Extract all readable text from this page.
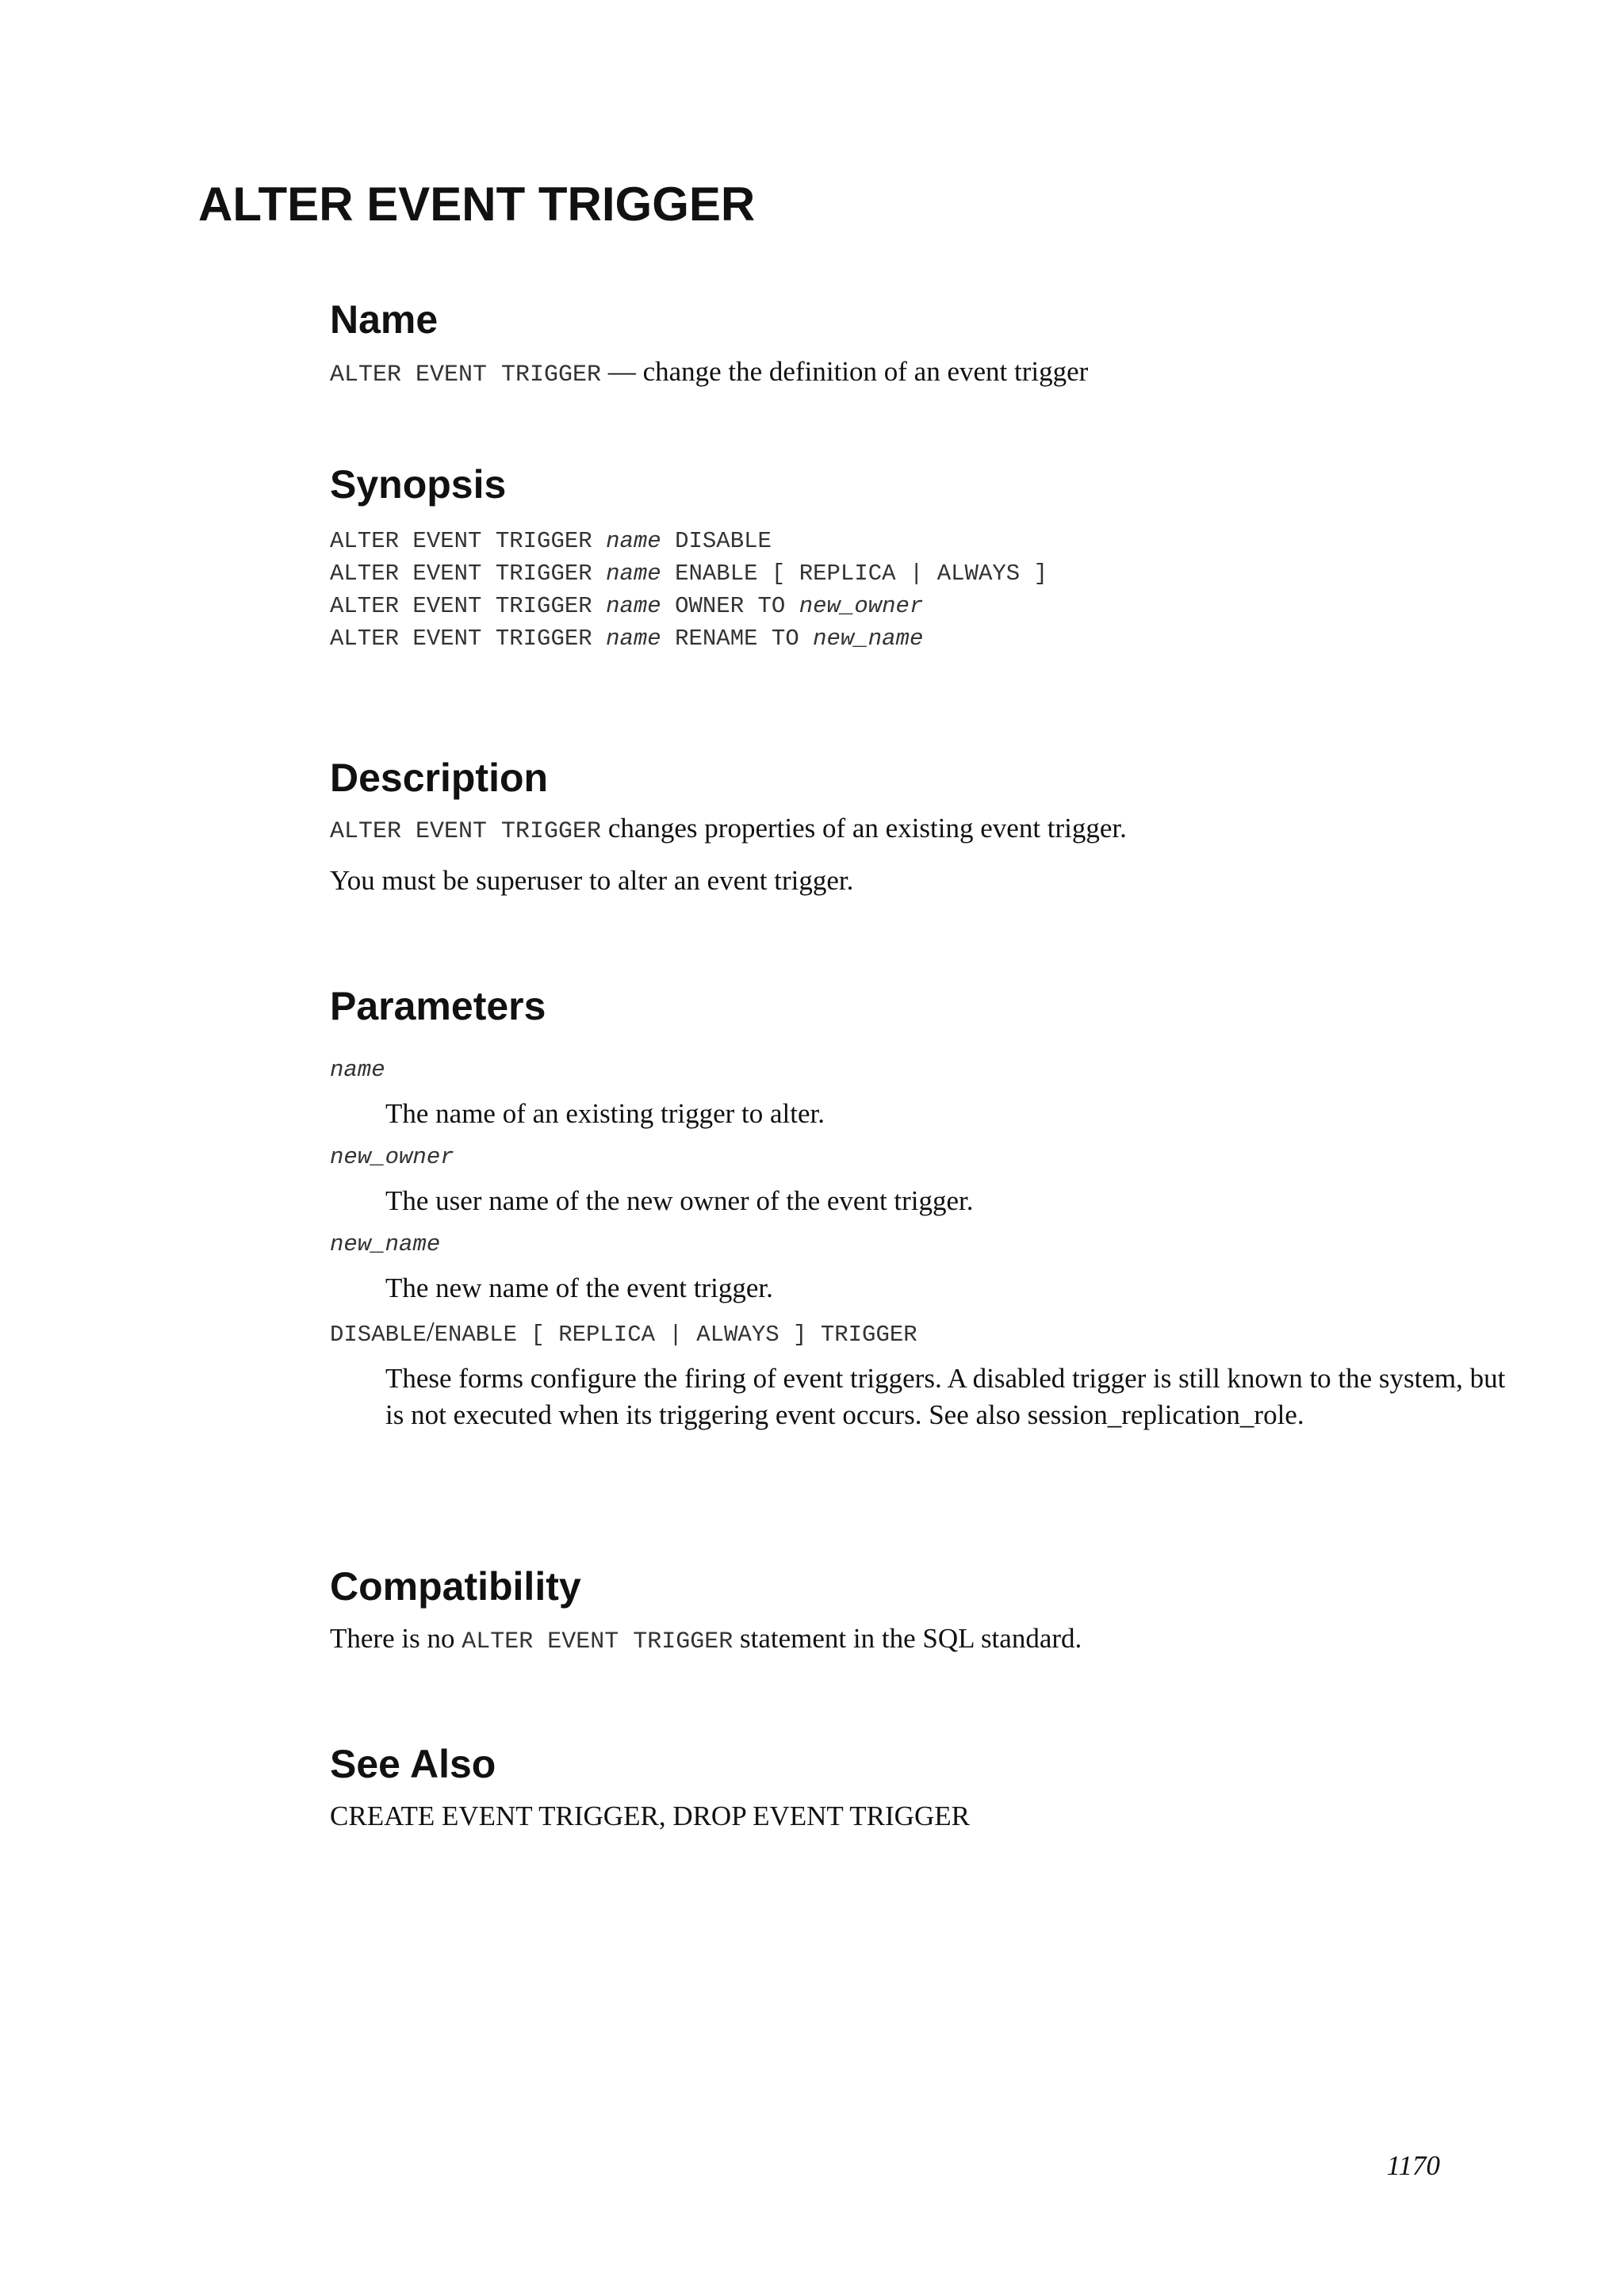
ALTER EVENT TRIGGER
Name

ALTER EVENT TRIGGER — change the definition of an event trigger

Synopsis
ALTER EVENT TRIGGER name DISABLE
ALTER EVENT TRIGGER name ENABLE [ REPLICA | ALWAYS ]
ALTER EVENT TRIGGER name OWNER TO new_owner
ALTER EVENT TRIGGER name RENAME TO new_name
Description

ALTER EVENT TRIGGER changes properties of an existing event trigger.

You must be superuser to alter an event trigger.

Parameters
name
The name of an existing trigger to alter.
new_owner
The user name of the new owner of the event trigger.
new_name
The new name of the event trigger.
DISABLE/ENABLE [ REPLICA | ALWAYS ] TRIGGER
These forms configure the firing of event triggers. A disabled trigger is still known to the system, but is not executed when its triggering event occurs. See also session_replication_role.
Compatibility

There is no ALTER EVENT TRIGGER statement in the SQL standard.

See Also

CREATE EVENT TRIGGER, DROP EVENT TRIGGER

1170
